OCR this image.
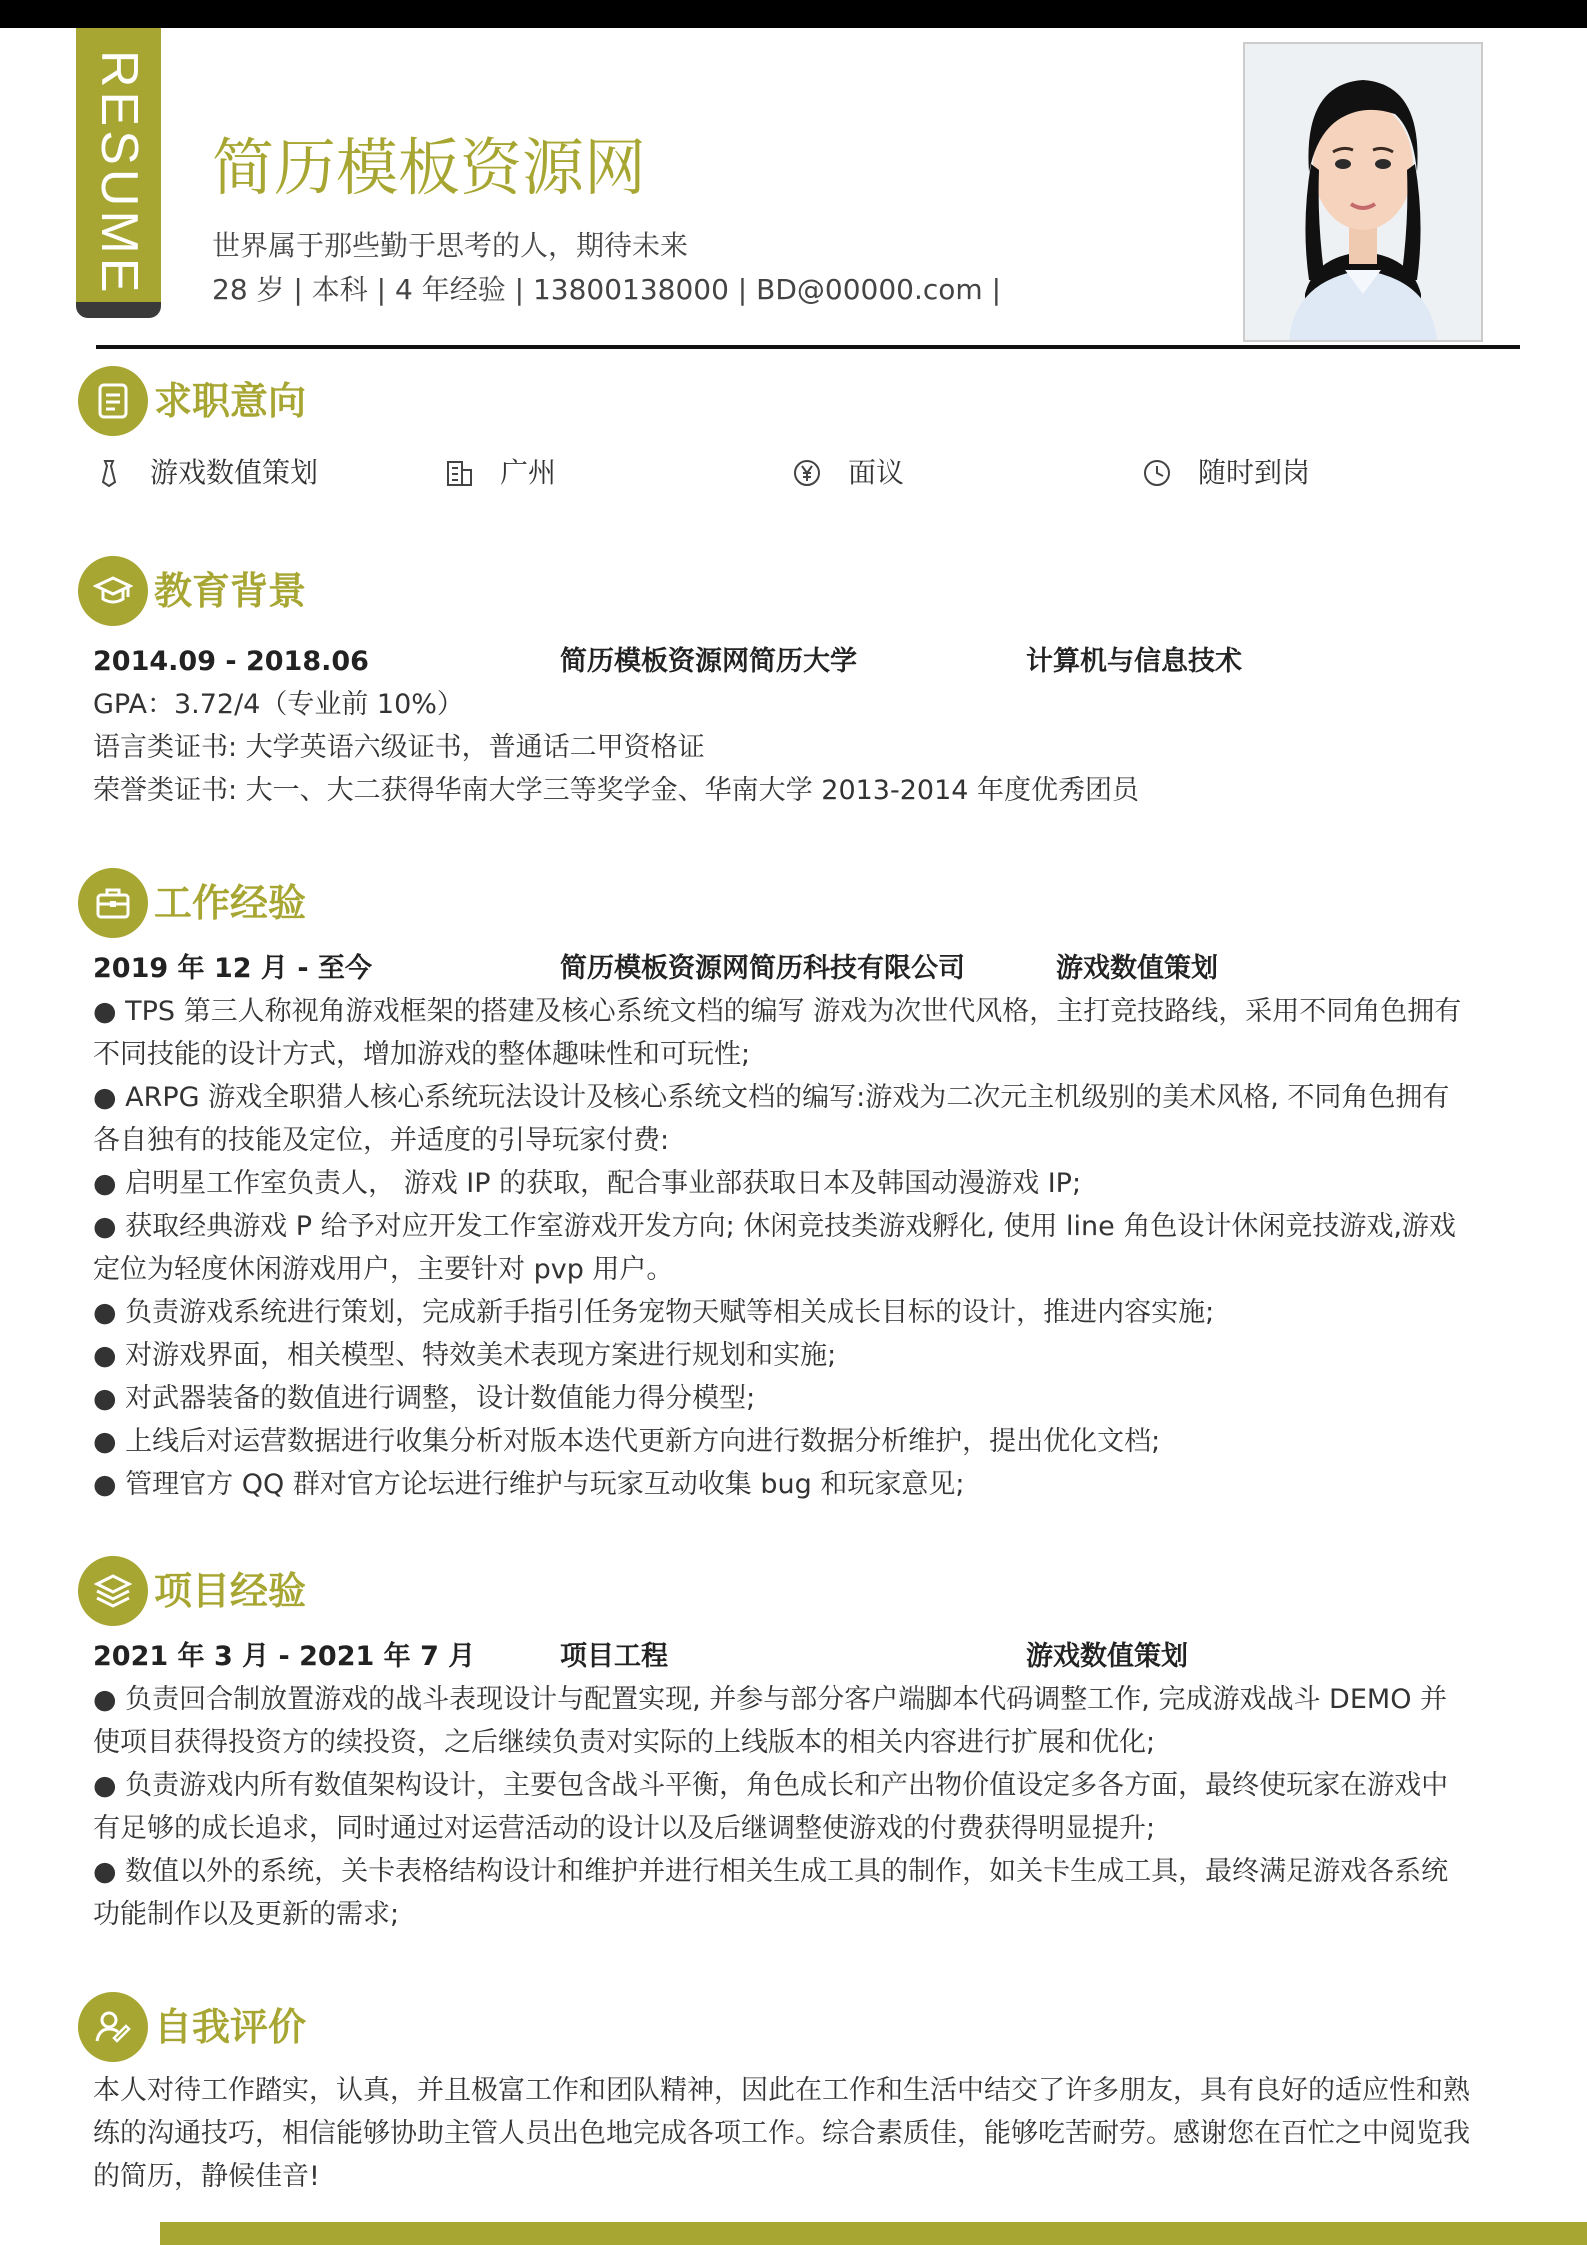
RESUME 简历模板资源网
世界属于那些勤于思考的人，期待未来
28 岁 | 本科 | 4 年经验 | 13800138000 | BD@00000.com |
求职意向
游戏数值策划	广州	面议	随时到岗
教育背景
2014.09 - 2018.06	简历模板资源网简历大学	计算机与信息技术
GPA：3.72/4（专业前 10%）
语言类证书: 大学英语六级证书，普通话二甲资格证
荣誉类证书: 大一、大二获得华南大学三等奖学金、华南大学 2013-2014 年度优秀团员
工作经验
2019 年 12 月 - 至今	简历模板资源网简历科技有限公司	游戏数值策划

● TPS 第三人称视角游戏框架的搭建及核心系统文档的编写 游戏为次世代风格，主打竞技路线，采用不同角色拥有不同技能的设计方式，增加游戏的整体趣味性和可玩性;

● ARPG 游戏全职猎人核心系统玩法设计及核心系统文档的编写:游戏为二次元主机级别的美术风格, 不同角色拥有各自独有的技能及定位，并适度的引导玩家付费:

● 启明星工作室负责人， 游戏 IP 的获取，配合事业部获取日本及韩国动漫游戏 IP;

● 获取经典游戏 P 给予对应开发工作室游戏开发方向; 休闲竞技类游戏孵化, 使用 line 角色设计休闲竞技游戏,游戏定位为轻度休闲游戏用户，主要针对 pvp 用户。

● 负责游戏系统进行策划，完成新手指引任务宠物天赋等相关成长目标的设计，推进内容实施;

● 对游戏界面，相关模型、特效美术表现方案进行规划和实施;

● 对武器装备的数值进行调整，设计数值能力得分模型;

● 上线后对运营数据进行收集分析对版本迭代更新方向进行数据分析维护，提出优化文档;

● 管理官方 QQ 群对官方论坛进行维护与玩家互动收集 bug 和玩家意见;

项目经验
2021 年 3 月 - 2021 年 7 月	项目工程	游戏数值策划

● 负责回合制放置游戏的战斗表现设计与配置实现, 并参与部分客户端脚本代码调整工作, 完成游戏战斗 DEMO 并使项目获得投资方的续投资，之后继续负责对实际的上线版本的相关内容进行扩展和优化;

● 负责游戏内所有数值架构设计，主要包含战斗平衡，角色成长和产出物价值设定多各方面，最终使玩家在游戏中有足够的成长追求，同时通过对运营活动的设计以及后继调整使游戏的付费获得明显提升;

● 数值以外的系统，关卡表格结构设计和维护并进行相关生成工具的制作，如关卡生成工具，最终满足游戏各系统功能制作以及更新的需求;

自我评价
本人对待工作踏实，认真，并且极富工作和团队精神，因此在工作和生活中结交了许多朋友，具有良好的适应性和熟练的沟通技巧，相信能够协助主管人员出色地完成各项工作。综合素质佳，能够吃苦耐劳。感谢您在百忙之中阅览我的简历，静候佳音!
